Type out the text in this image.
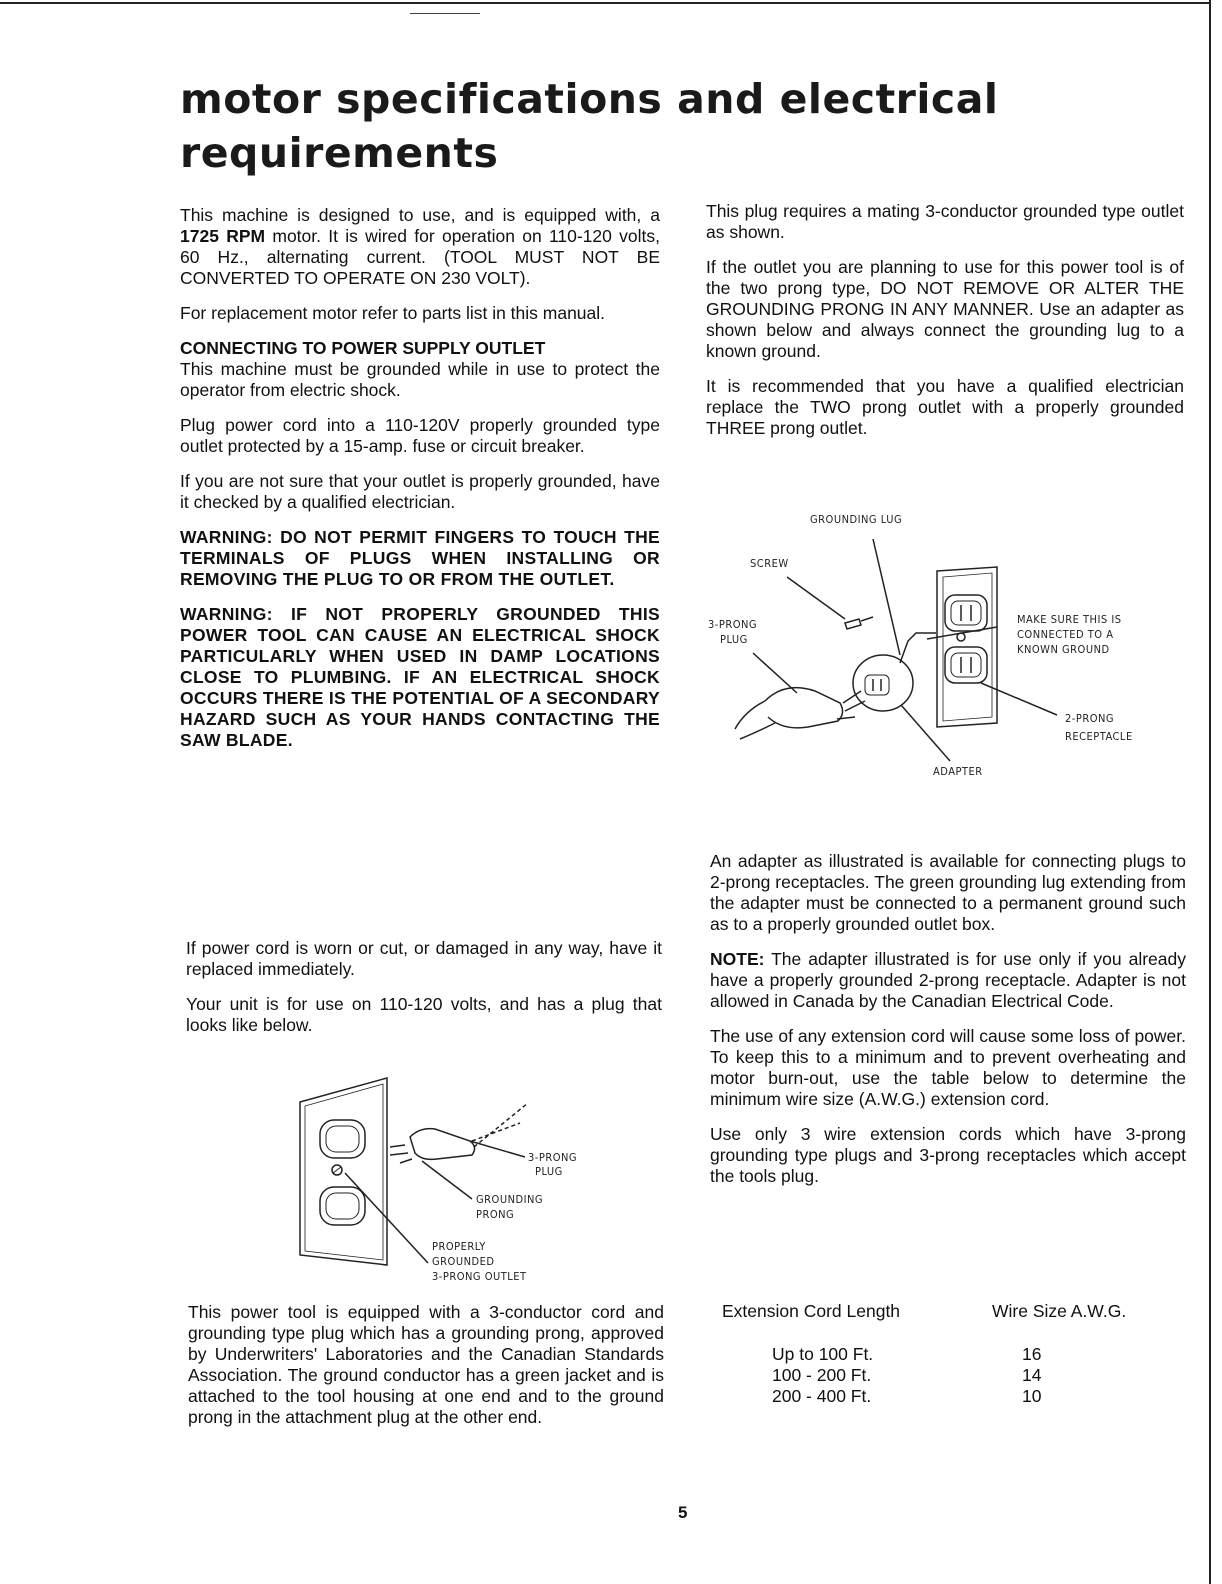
motor specifications and electrical requirements

This machine is designed to use, and is equipped with, a 1725 RPM motor. It is wired for operation on 110-120 volts, 60 Hz., alternating current. (TOOL MUST NOT BE CONVERTED TO OPERATE ON 230 VOLT).

For replacement motor refer to parts list in this manual.

CONNECTING TO POWER SUPPLY OUTLET

This machine must be grounded while in use to protect the operator from electric shock.

Plug power cord into a 110-120V properly grounded type outlet protected by a 15-amp. fuse or circuit breaker.

If you are not sure that your outlet is properly grounded, have it checked by a qualified electrician.

WARNING: DO NOT PERMIT FINGERS TO TOUCH THE TERMINALS OF PLUGS WHEN INSTALLING OR REMOVING THE PLUG TO OR FROM THE OUTLET.

WARNING: IF NOT PROPERLY GROUNDED THIS POWER TOOL CAN CAUSE AN ELECTRICAL SHOCK PARTICULARLY WHEN USED IN DAMP LOCATIONS CLOSE TO PLUMBING. IF AN ELECTRICAL SHOCK OCCURS THERE IS THE POTENTIAL OF A SECONDARY HAZARD SUCH AS YOUR HANDS CONTACTING THE SAW BLADE.

If power cord is worn or cut, or damaged in any way, have it replaced immediately.

Your unit is for use on 110-120 volts, and has a plug that looks like below.

3-PRONG
PLUG
GROUNDING
PRONG
PROPERLY
GROUNDED
3-PRONG OUTLET

This power tool is equipped with a 3-conductor cord and grounding type plug which has a grounding prong, approved by Underwriters' Laboratories and the Canadian Standards Association. The ground conductor has a green jacket and is attached to the tool housing at one end and to the ground prong in the attachment plug at the other end.

This plug requires a mating 3-conductor grounded type outlet as shown.

If the outlet you are planning to use for this power tool is of the two prong type, DO NOT REMOVE OR ALTER THE GROUNDING PRONG IN ANY MANNER. Use an adapter as shown below and always connect the grounding lug to a known ground.

It is recommended that you have a qualified electrician replace the TWO prong outlet with a properly grounded THREE prong outlet.

GROUNDING LUG
SCREW
3-PRONG
PLUG
MAKE SURE THIS IS
CONNECTED TO A
KNOWN GROUND
2-PRONG
RECEPTACLE
ADAPTER

An adapter as illustrated is available for connecting plugs to 2-prong receptacles. The green grounding lug extending from the adapter must be connected to a permanent ground such as to a properly grounded outlet box.

NOTE: The adapter illustrated is for use only if you already have a properly grounded 2-prong receptacle. Adapter is not allowed in Canada by the Canadian Electrical Code.

The use of any extension cord will cause some loss of power. To keep this to a minimum and to prevent overheating and motor burn-out, use the table below to determine the minimum wire size (A.W.G.) extension cord.

Use only 3 wire extension cords which have 3-prong grounding type plugs and 3-prong receptacles which accept the tools plug.

Extension Cord Length	Wire Size A.W.G.
Up to 100 Ft.	16
100 - 200 Ft.	14
200 - 400 Ft.	10
5
